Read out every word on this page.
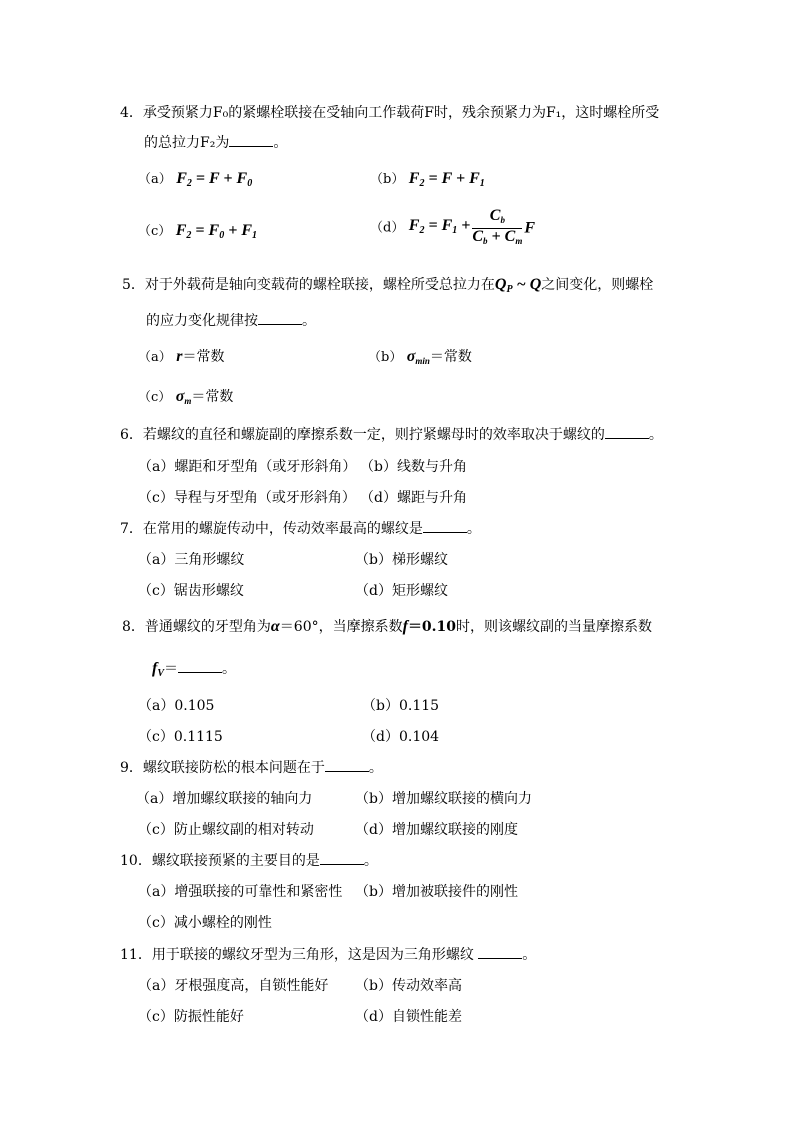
4．承受预紧力F₀的紧螺栓联接在受轴向工作载荷F时，残余预紧力为F₁，这时螺栓所受
的总拉力F₂为	。
（a） $F_2 = F + F_0$	（b） $F_2 = F + F_1$
（c） $F_2 = F_0 + F_1$	（d） $F_2 = F_1 + \frac{Cb}{Cb + Cm}$ F
5．对于外载荷是轴向变载荷的螺栓联接，螺栓所受总拉力在$Q_P$ ~ Q之间变化，则螺栓
的应力变化规律按	。
（a） r＝常数	（b） σmin＝常数
（c） σm＝常数
6．若螺纹的直径和螺旋副的摩擦系数一定，则拧紧螺母时的效率取决于螺纹的	。
（a）螺距和牙型角（或牙形斜角） （b）线数与升角
（c）导程与牙型角（或牙形斜角） （d）螺距与升角
7．在常用的螺旋传动中，传动效率最高的螺纹是	。
（a）三角形螺纹	（b）梯形螺纹
（c）锯齿形螺纹	（d）矩形螺纹
8．普通螺纹的牙型角为α＝60°，当摩擦系数f＝0.10时，则该螺纹副的当量摩擦系数
$f_V=$	。
（a）0.105	（b）0.115
（c）0.1115	（d）0.104
9．螺纹联接防松的根本问题在于	。
（a）增加螺纹联接的轴向力	（b）增加螺纹联接的横向力
（c）防止螺纹副的相对转动	（d）增加螺纹联接的刚度
10．螺纹联接预紧的主要目的是	。
（a）增强联接的可靠性和紧密性 （b）增加被联接件的刚性
（c）减小螺栓的刚性
11．用于联接的螺纹牙型为三角形，这是因为三角形螺纹	。
（a）牙根强度高，自锁性能好 （b）传动效率高
（c）防振性能好	（d）自锁性能差
